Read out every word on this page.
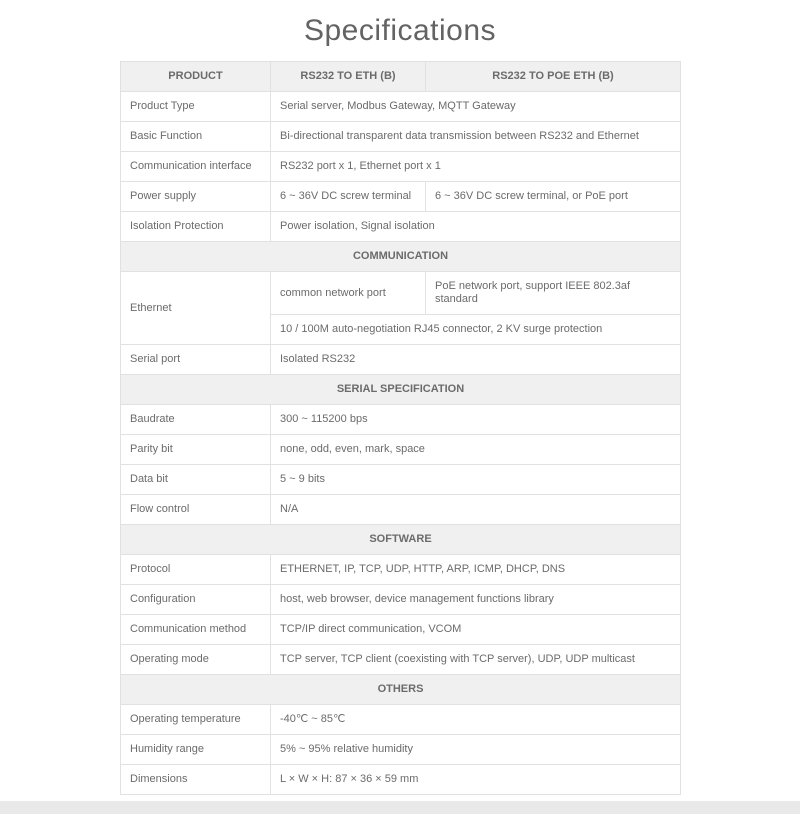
Specifications
PRODUCT	RS232 TO ETH (B)	RS232 TO POE ETH (B)
Product Type	Serial server, Modbus Gateway, MQTT Gateway	
Basic Function	Bi-directional transparent data transmission between RS232 and Ethernet	
Communication interface	RS232 port x 1, Ethernet port x 1	
Power supply	6 ~ 36V DC screw terminal	6 ~ 36V DC screw terminal, or PoE port
Isolation Protection	Power isolation, Signal isolation	
COMMUNICATION		
Ethernet	common network port	PoE network port, support IEEE 802.3af standard
	10 / 100M auto-negotiation RJ45 connector, 2 KV surge protection	
Serial port	Isolated RS232	
SERIAL SPECIFICATION		
Baudrate	300 ~ 115200 bps	
Parity bit	none, odd, even, mark, space	
Data bit	5 ~ 9 bits	
Flow control	N/A	
SOFTWARE		
Protocol	ETHERNET, IP, TCP, UDP, HTTP, ARP, ICMP, DHCP, DNS	
Configuration	host, web browser, device management functions library	
Communication method	TCP/IP direct communication, VCOM	
Operating mode	TCP server, TCP client (coexisting with TCP server), UDP, UDP multicast	
OTHERS		
Operating temperature	-40℃ ~ 85℃	
Humidity range	5% ~ 95% relative humidity	
Dimensions	L × W × H: 87 × 36 × 59 mm	
